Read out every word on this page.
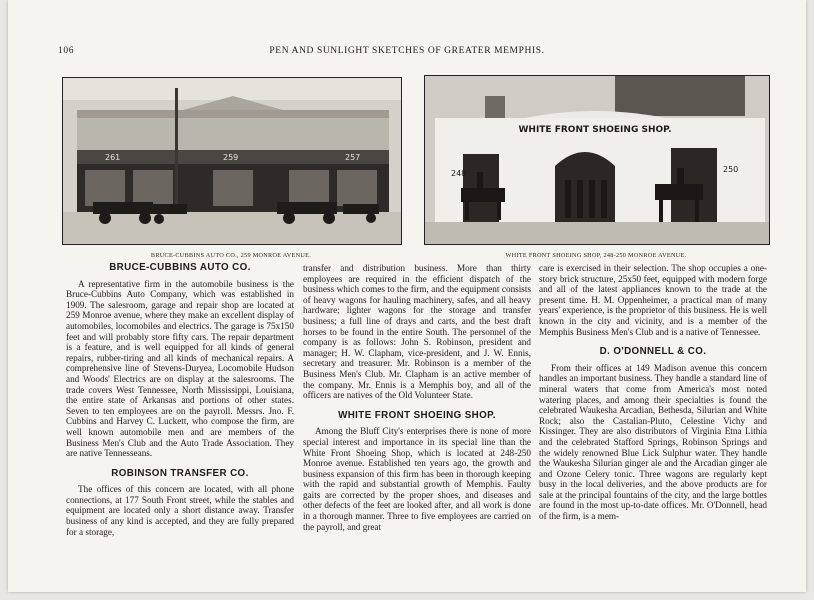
106	PEN AND SUNLIGHT SKETCHES OF GREATER MEMPHIS.
261	259	257
BRUCE-CUBBINS AUTO CO., 259 MONROE AVENUE.
WHITE FRONT SHOEING SHOP.
248	250
WHITE FRONT SHOEING SHOP, 248-250 MONROE AVENUE.
BRUCE-CUBBINS AUTO CO.

A representative firm in the automobile business is the Bruce-Cubbins Auto Company, which was established in 1909. The salesroom, garage and repair shop are located at 259 Monroe avenue, where they make an excellent display of automobiles, locomobiles and electrics. The garage is 75x150 feet and will probably store fifty cars. The repair department is a feature, and is well equipped for all kinds of general repairs, rubber-tiring and all kinds of mechanical repairs. A comprehensive line of Stevens-Duryea, Locomobile Hudson and Woods' Electrics are on display at the salesrooms. The trade covers West Tennessee, North Mississippi, Louisiana, the entire state of Arkansas and portions of other states. Seven to ten employees are on the payroll. Messrs. Jno. F. Cubbins and Harvey C. Luckett, who compose the firm, are well known automobile men and are members of the Business Men's Club and the Auto Trade Association. They are native Tennesseans.

ROBINSON TRANSFER CO.

The offices of this concern are located, with all phone connections, at 177 South Front street, while the stables and equipment are located only a short distance away. Transfer business of any kind is accepted, and they are fully prepared for a storage,

transfer and distribution business. More than thirty employees are required in the efficient dispatch of the business which comes to the firm, and the equipment consists of heavy wagons for hauling machinery, safes, and all heavy hardware; lighter wagons for the storage and transfer business; a full line of drays and carts, and the best draft horses to be found in the entire South. The personnel of the company is as follows: John S. Robinson, president and manager; H. W. Clapham, vice-president, and J. W. Ennis, secretary and treasurer. Mr. Robinson is a member of the Business Men's Club. Mr. Clapham is an active member of the company. Mr. Ennis is a Memphis boy, and all of the officers are natives of the Old Volunteer State.

WHITE FRONT SHOEING SHOP.

Among the Bluff City's enterprises there is none of more special interest and importance in its special line than the White Front Shoeing Shop, which is located at 248-250 Monroe avenue. Established ten years ago, the growth and business expansion of this firm has been in thorough keeping with the rapid and substantial growth of Memphis. Faulty gaits are corrected by the proper shoes, and diseases and other defects of the feet are looked after, and all work is done in a thorough manner. Three to five employees are carried on the payroll, and great

care is exercised in their selection. The shop occupies a one-story brick structure, 25x50 feet, equipped with modern forge and all of the latest appliances known to the trade at the present time. H. M. Oppenheimer, a practical man of many years' experience, is the proprietor of this business. He is well known in the city and vicinity, and is a member of the Memphis Business Men's Club and is a native of Tennessee.

D. O'DONNELL & CO.

From their offices at 149 Madison avenue this concern handles an important business. They handle a standard line of mineral waters that come from America's most noted watering places, and among their specialties is found the celebrated Waukesha Arcadian, Bethesda, Silurian and White Rock; also the Castalian-Pluto, Celestine Vichy and Kissinger. They are also distributors of Virginia Etna Lithia and the celebrated Stafford Springs, Robinson Springs and the widely renowned Blue Lick Sulphur water. They handle the Waukesha Silurian ginger ale and the Arcadian ginger ale and Ozone Celery tonic. Three wagons are regularly kept busy in the local deliveries, and the above products are for sale at the principal fountains of the city, and the large bottles are found in the most up-to-date offices. Mr. O'Donnell, head of the firm, is a mem-
